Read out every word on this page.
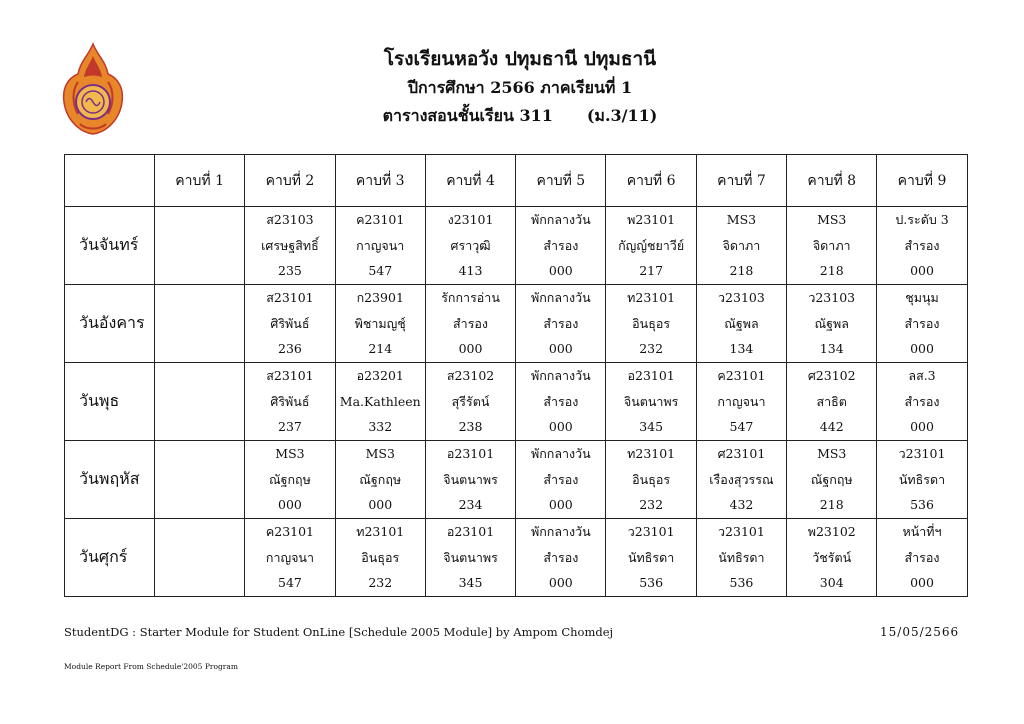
โรงเรียนหอวัง ปทุมธานี ปทุมธานี
ปีการศึกษา 2566 ภาคเรียนที่ 1
ตารางสอนชั้นเรียน 311 (ม.3/11)
	คาบที่ 1	คาบที่ 2	คาบที่ 3	คาบที่ 4	คาบที่ 5	คาบที่ 6	คาบที่ 7	คาบที่ 8	คาบที่ 9
วันจันทร์		ส23103
เศรษฐสิทธิ์
235	ค23101
กาญจนา
547	ง23101
ศราวุฒิ
413	พักกลางวัน
สำรอง
000	พ23101
กัญญ์ชยาวีย์
217	MS3
จิดาภา
218	MS3
จิดาภา
218	ป.ระดับ 3
สำรอง
000

วันอังคาร		ส23101
ศิริพันธ์
236	ก23901
พิชามญชุ์
214	รักการอ่าน
สำรอง
000	พักกลางวัน
สำรอง
000	ท23101
อินธุอร
232	ว23103
ณัฐพล
134	ว23103
ณัฐพล
134	ชุมนุม
สำรอง
000

วันพุธ		ส23101
ศิริพันธ์
237	อ23201
Ma.Kathleen
332	ส23102
สุรีรัตน์
238	พักกลางวัน
สำรอง
000	อ23101
จินตนาพร
345	ค23101
กาญจนา
547	ศ23102
สาธิต
442	ลส.3
สำรอง
000

วันพฤหัส		MS3
ณัฐกฤษ
000	MS3
ณัฐกฤษ
000	อ23101
จินตนาพร
234	พักกลางวัน
สำรอง
000	ท23101
อินธุอร
232	ศ23101
เรืองสุวรรณ
432	MS3
ณัฐกฤษ
218	ว23101
นัทธิรดา
536

วันศุกร์		ค23101
กาญจนา
547	ท23101
อินธุอร
232	อ23101
จินตนาพร
345	พักกลางวัน
สำรอง
000	ว23101
นัทธิรดา
536	ว23101
นัทธิรดา
536	พ23102
วัชรัตน์
304	หน้าที่ฯ
สำรอง
000
StudentDG : Starter Module for Student OnLine [Schedule 2005 Module] by Ampom Chomdej	15/05/2566
Module Report From Schedule'2005 Program
